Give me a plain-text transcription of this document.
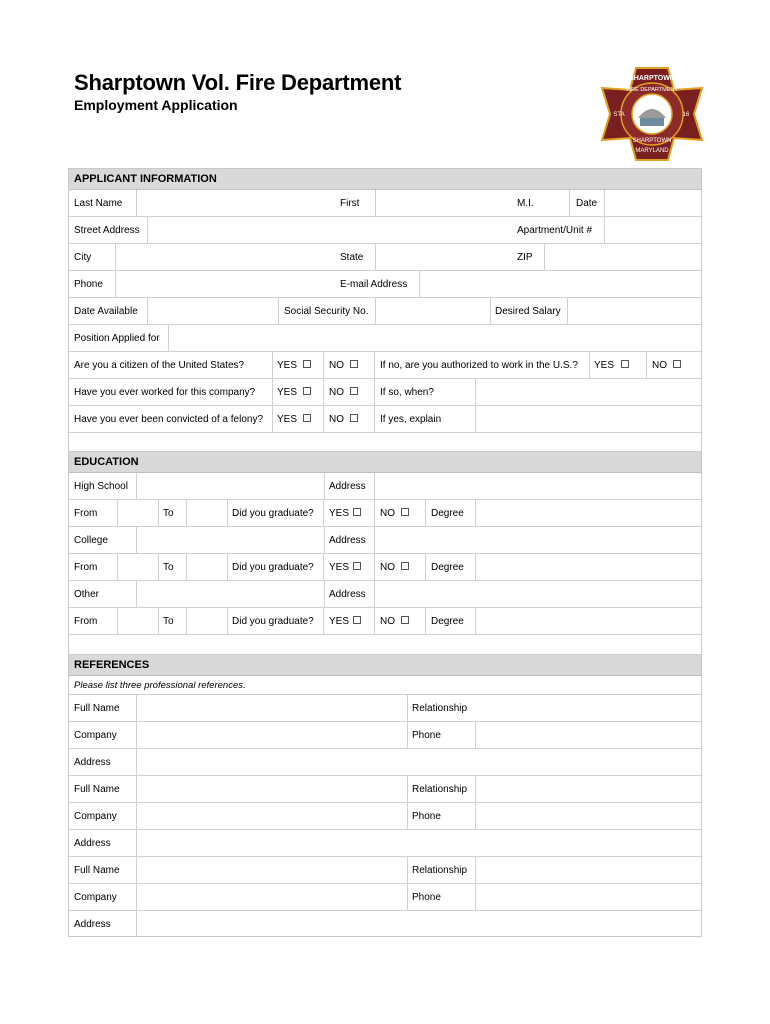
Sharptown Vol. Fire Department
Employment Application
SHARPTOWN
FIRE DEPARTMENT
STA	16
SHARPTOWN
MARYLAND
APPLICANT INFORMATION
Last Name	First	M.I.	Date
Street Address	Apartment/Unit #
City	State	ZIP
Phone	E-mail Address
Date Available	Social Security No.	Desired Salary
Position Applied for
Are you a citizen of the United States?	YES	NO	If no, are you authorized to work in the U.S.? YES	NO
Have you ever worked for this company? YES	NO	If so, when?
Have you ever been convicted of a felony? YES	NO	If yes, explain
EDUCATION
High School	Address
From	To	Did you graduate? YES	NO	Degree
College	Address
From	To	Did you graduate? YES	NO	Degree
Other	Address
From	To	Did you graduate? YES	NO	Degree
REFERENCES
Please list three professional references.
Full Name	Relationship
Company	Phone
Address
Full Name	Relationship
Company	Phone
Address
Full Name	Relationship
Company	Phone
Address
